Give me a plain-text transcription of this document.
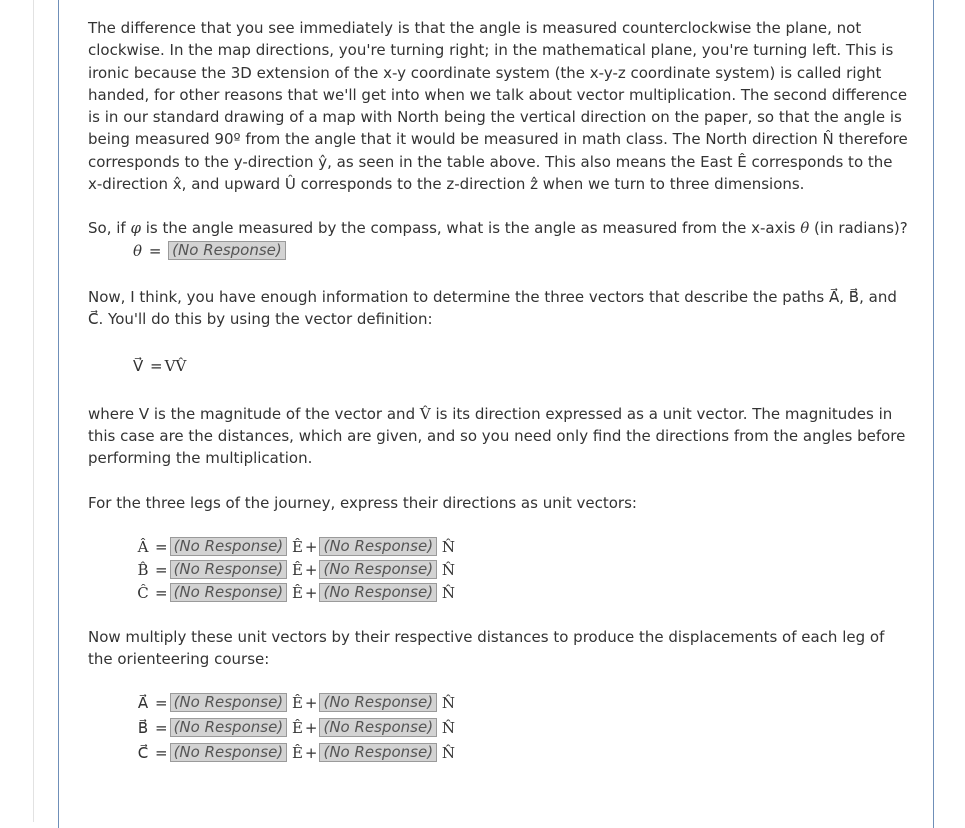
The difference that you see immediately is that the angle is measured counterclockwise the plane, not clockwise. In the map directions, you're turning right; in the mathematical plane, you're turning left. This is ironic because the 3D extension of the x-y coordinate system (the x-y-z coordinate system) is called right handed, for other reasons that we'll get into when we talk about vector multiplication. The second difference is in our standard drawing of a map with North being the vertical direction on the paper, so that the angle is being measured 90º from the angle that it would be measured in math class. The North direction N̂ therefore corresponds to the y-direction ŷ, as seen in the table above. This also means the East Ê corresponds to the x-direction x̂, and upward Û corresponds to the z-direction ẑ when we turn to three dimensions.

So, if φ is the angle measured by the compass, what is the angle as measured from the x-axis θ (in radians)?

θ = (No Response)

Now, I think, you have enough information to determine the three vectors that describe the paths A⃗, B⃗, and C⃗. You'll do this by using the vector definition:

V⃗ = VV̂

where V is the magnitude of the vector and V̂ is its direction expressed as a unit vector. The magnitudes in this case are the distances, which are given, and so you need only find the directions from the angles before performing the multiplication.

For the three legs of the journey, express their directions as unit vectors:

Â = (No Response) Ê + (No Response) N̂
B̂ = (No Response) Ê + (No Response) N̂
Ĉ = (No Response) Ê + (No Response) N̂

Now multiply these unit vectors by their respective distances to produce the displacements of each leg of the orienteering course:

A⃗ = (No Response) Ê + (No Response) N̂
B⃗ = (No Response) Ê + (No Response) N̂
C⃗ = (No Response) Ê + (No Response) N̂
